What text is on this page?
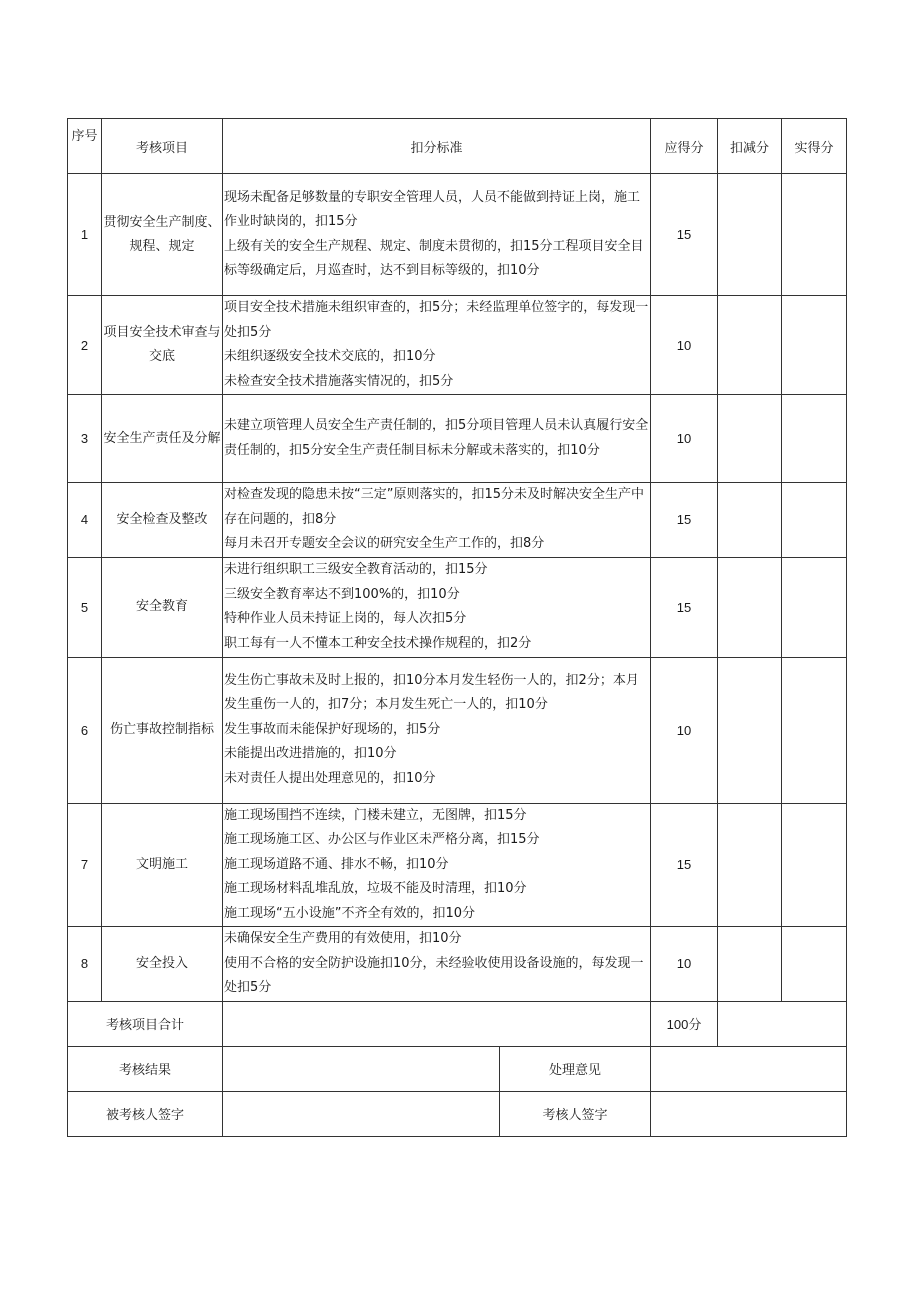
序号	考核项目	扣分标准		应得分	扣减分	实得分
1	贯彻安全生产制度、规程、规定	现场未配备足够数量的专职安全管理人员，人员不能做到持证上岗，施工作业时缺岗的，扣15分
上级有关的安全生产规程、规定、制度未贯彻的，扣15分工程项目安全目标等级确定后，月巡查时，达不到目标等级的，扣10分		15		
2	项目安全技术审查与交底	项目安全技术措施未组织审查的，扣5分；未经监理单位签字的，每发现一处扣5分
未组织逐级安全技术交底的，扣10分
未检查安全技术措施落实情况的，扣5分		10		
3	安全生产责任及分解	未建立项管理人员安全生产责任制的，扣5分项目管理人员未认真履行安全责任制的，扣5分安全生产责任制目标未分解或未落实的，扣10分		10		
4	安全检查及整改	对检查发现的隐患未按“三定”原则落实的，扣15分未及时解决安全生产中存在问题的，扣8分
每月未召开专题安全会议的研究安全生产工作的，扣8分		15		
5	安全教育	未进行组织职工三级安全教育活动的，扣15分
三级安全教育率达不到100%的，扣10分
特种作业人员未持证上岗的，每人次扣5分
职工每有一人不懂本工种安全技术操作规程的，扣2分		15		
6	伤亡事故控制指标	发生伤亡事故未及时上报的，扣10分本月发生轻伤一人的，扣2分；本月发生重伤一人的，扣7分；本月发生死亡一人的，扣10分
发生事故而未能保护好现场的，扣5分
未能提出改进措施的，扣10分
未对责任人提出处理意见的，扣10分		10		
7	文明施工	施工现场围挡不连续，门楼未建立，无图牌，扣15分
施工现场施工区、办公区与作业区未严格分离，扣15分
施工现场道路不通、排水不畅，扣10分
施工现场材料乱堆乱放，垃圾不能及时清理，扣10分
施工现场“五小设施”不齐全有效的，扣10分		15		
8	安全投入	未确保安全生产费用的有效使用，扣10分
使用不合格的安全防护设施扣10分，未经验收使用设备设施的，每发现一处扣5分		10		
考核项目合计				100分		
考核结果			处理意见			
被考核人签字			考核人签字			
